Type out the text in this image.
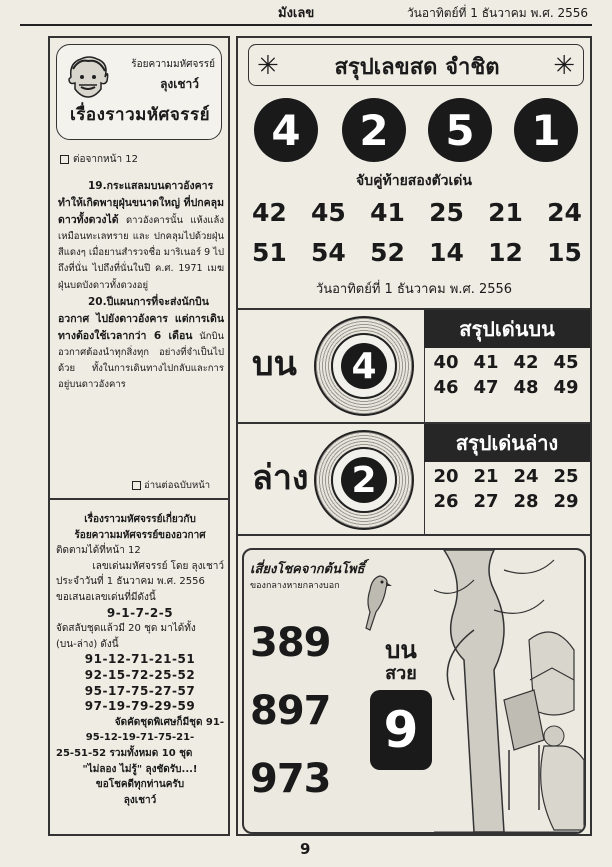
มังเลข	วันอาทิตย์ที่ 1 ธันวาคม พ.ศ. 2556
ร้อยความมหัศจรรย์
ลุงเชาว์
เรื่องราวมหัศจรรย์
ต่อจากหน้า 12

19.กระแสลมบนดาวอังคาร ทำให้เกิดพายุฝุ่นขนาดใหญ่ ที่ปกคลุมดาวทั้งดวงได้ ดาวอังคารนั้น แห้งแล้งเหมือนทะเลทราย และ ปกคลุมไปด้วยฝุ่นสีแดงๆ เมื่อยานสำรวจชื่อ มาริเนอร์ 9 ไปถึงที่นั่น ไปถึงที่นั่นในปี ค.ศ. 1971 เมฆฝุ่นบดบังดาวทั้งดวงอยู่

20.ปีแผนการที่จะส่งนักบินอวกาศ ไปยังดาวอังคาร แต่การเดินทางต้องใช้เวลากว่า 6 เดือน นักบินอวกาศต้องนำทุกสิ่งทุก อย่างที่จำเป็นไปด้วย ทั้งในการเดินทางไปกลับและการ อยู่บนดาวอังคาร

อ่านต่อฉบับหน้า
เรื่องราวมหัศจรรย์เกี่ยวกับ
ร้อยความมหัศจรรย์ของอวกาศ
ติดตามได้ที่หน้า 12
เลขเด่นมหัศจรรย์ โดย ลุงเชาว์
ประจำวันที่ 1 ธันวาคม พ.ศ. 2556
ขอเสนอเลขเด่นที่มีดังนี้
9-1-7-2-5
จัดสลับชุดแล้วมี 20 ชุด มาได้ทั้ง
(บน-ล่าง) ดังนี้
91-12-71-21-51
92-15-72-25-52
95-17-75-27-57
97-19-79-29-59
จัดคัดชุดพิเศษก็มีชุด 91-
95-12-19-71-75-21-
25-51-52 รวมทั้งหมด 10 ชุด
"ไม่ลอง ไม่รู้" ลุงชัดรับ...!
ขอโชคดีทุกท่านครับ
ลุงเชาว์
✳	สรุปเลขสด จำชิต	✳
4	2	5	1
จับคู่ท้ายสองตัวเด่น
42 45 41 25 21 24
51 54 52 14 12 15
วันอาทิตย์ที่ 1 ธันวาคม พ.ศ. 2556
บน 4
สรุปเด่นบน
40 41 42 45
46 47 48 49
ล่าง 2
สรุปเด่นล่าง
20 21 24 25
26 27 28 29
เสี่ยงโชคจากต้นโพธิ์
ของกลางหายกลางบอก
389
897
973
บน
สวย
9
9
